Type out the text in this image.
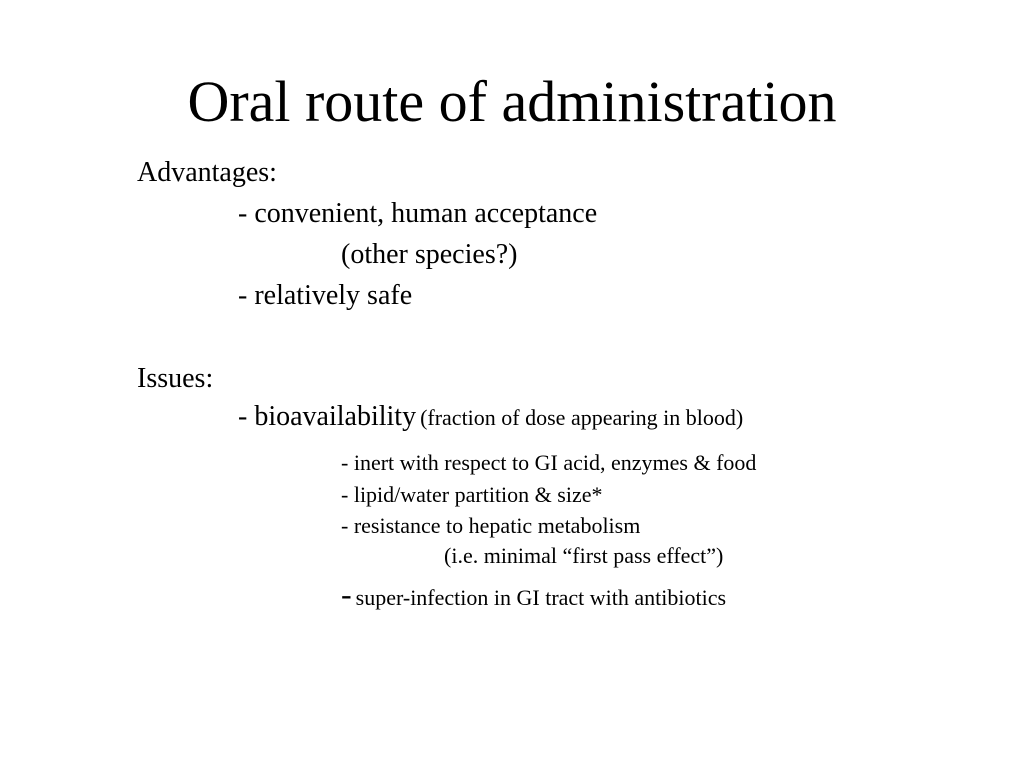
Oral route of administration
Advantages:
- convenient, human acceptance
(other species?)
- relatively safe
Issues:
- bioavailability (fraction of dose appearing in blood)
- inert with respect to GI acid, enzymes & food
- lipid/water partition & size*
- resistance to hepatic metabolism
(i.e. minimal “first pass effect”)
- super-infection in GI tract with antibiotics
